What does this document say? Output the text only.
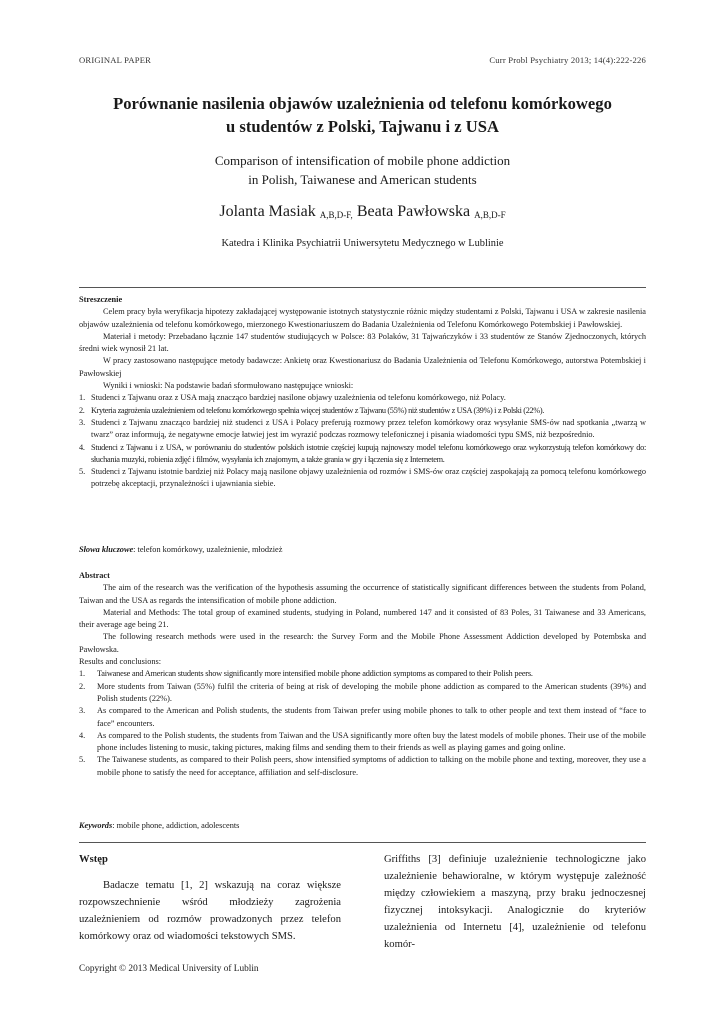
ORIGINAL PAPER	Curr Probl Psychiatry 2013; 14(4):222-226
Porównanie nasilenia objawów uzależnienia od telefonu komórkowego
u studentów z Polski, Tajwanu i z USA
Comparison of intensification of mobile phone addiction
in Polish, Taiwanese and American students
Jolanta Masiak $_{A,B,D-F,}$ Beata Pawłowska $_{A,B,D-F}$
Katedra i Klinika Psychiatrii Uniwersytetu Medycznego w Lublinie
Streszczenie

Celem pracy była weryfikacja hipotezy zakładającej występowanie istotnych statystycznie różnic między studentami z Polski, Tajwanu i USA w zakresie nasilenia objawów uzależnienia od telefonu komórkowego, mierzonego Kwestionariuszem do Badania Uzależnienia od Telefonu Komórkowego Potembskiej i Pawłowskiej.

Materiał i metody: Przebadano łącznie 147 studentów studiujących w Polsce: 83 Polaków, 31 Tajwańczyków i 33 studentów ze Stanów Zjednoczonych, których średni wiek wynosił 21 lat.

W pracy zastosowano następujące metody badawcze: Ankietę oraz Kwestionariusz do Badania Uzależnienia od Telefonu Komórkowego, autorstwa Potembskiej i Pawłowskiej

Wyniki i wnioski: Na podstawie badań sformułowano następujące wnioski:

1. Studenci z Tajwanu oraz z USA mają znacząco bardziej nasilone objawy uzależnienia od telefonu komórkowego, niż Polacy.
2. Kryteria zagrożenia uzależnieniem od telefonu komórkowego spełnia więcej studentów z Tajwanu (55%) niż studentów z USA (39%) i z Polski (22%).
3. Studenci z Tajwanu znacząco bardziej niż studenci z USA i Polacy preferują rozmowy przez telefon komórkowy oraz wysyłanie SMS-ów nad spotkania „twarzą w twarz” oraz informują, że negatywne emocje łatwiej jest im wyrazić podczas rozmowy telefonicznej i pisania wiadomości typu SMS, niż bezpośrednio.
4. Studenci z Tajwanu i z USA, w porównaniu do studentów polskich istotnie częściej kupują najnowszy model telefonu komórkowego oraz wykorzystują telefon komórkowy do: słuchania muzyki, robienia zdjęć i filmów, wysyłania ich znajomym, a także grania w gry i łączenia się z Internetem.
5. Studenci z Tajwanu istotnie bardziej niż Polacy mają nasilone objawy uzależnienia od rozmów i SMS-ów oraz częściej zaspokajają za pomocą telefonu komórkowego potrzebę akceptacji, przynależności i ujawniania siebie.
Słowa kluczowe: telefon komórkowy, uzależnienie, młodzież
Abstract

The aim of the research was the verification of the hypothesis assuming the occurrence of statistically significant differences between the students from Poland, Taiwan and the USA as regards the intensification of mobile phone addiction.

Material and Methods: The total group of examined students, studying in Poland, numbered 147 and it consisted of 83 Poles, 31 Taiwanese and 33 Americans, their average age being 21.

The following research methods were used in the research: the Survey Form and the Mobile Phone Assessment Addiction developed by Potembska and Pawłowska.

Results and conclusions:

1. Taiwanese and American students show significantly more intensified mobile phone addiction symptoms as compared to their Polish peers.
2. More students from Taiwan (55%) fulfil the criteria of being at risk of developing the mobile phone addiction as compared to the American students (39%) and Polish students (22%).
3. As compared to the American and Polish students, the students from Taiwan prefer using mobile phones to talk to other people and text them instead of “face to face” encounters.
4. As compared to the Polish students, the students from Taiwan and the USA significantly more often buy the latest models of mobile phones. Their use of the mobile phone includes listening to music, taking pictures, making films and sending them to their friends as well as playing games and going online.
5. The Taiwanese students, as compared to their Polish peers, show intensified symptoms of addiction to talking on the mobile phone and texting, moreover, they use a mobile phone to satisfy the need for acceptance, affiliation and self-disclosure.
Keywords: mobile phone, addiction, adolescents
Wstęp

Badacze tematu [1, 2] wskazują na coraz większe rozpowszechnienie wśród młodzieży zagrożenia uzależnieniem od rozmów prowadzonych przez telefon komórkowy oraz od wiadomości tekstowych SMS.

Griffiths [3] definiuje uzależnienie technologiczne jako uzależnienie behawioralne, w którym występuje zależność między człowiekiem a maszyną, przy braku jednoczesnej fizycznej intoksykacji. Analogicznie do kryteriów uzależnienia od Internetu [4], uzależnienie od telefonu komór-

Copyright © 2013 Medical University of Lublin
